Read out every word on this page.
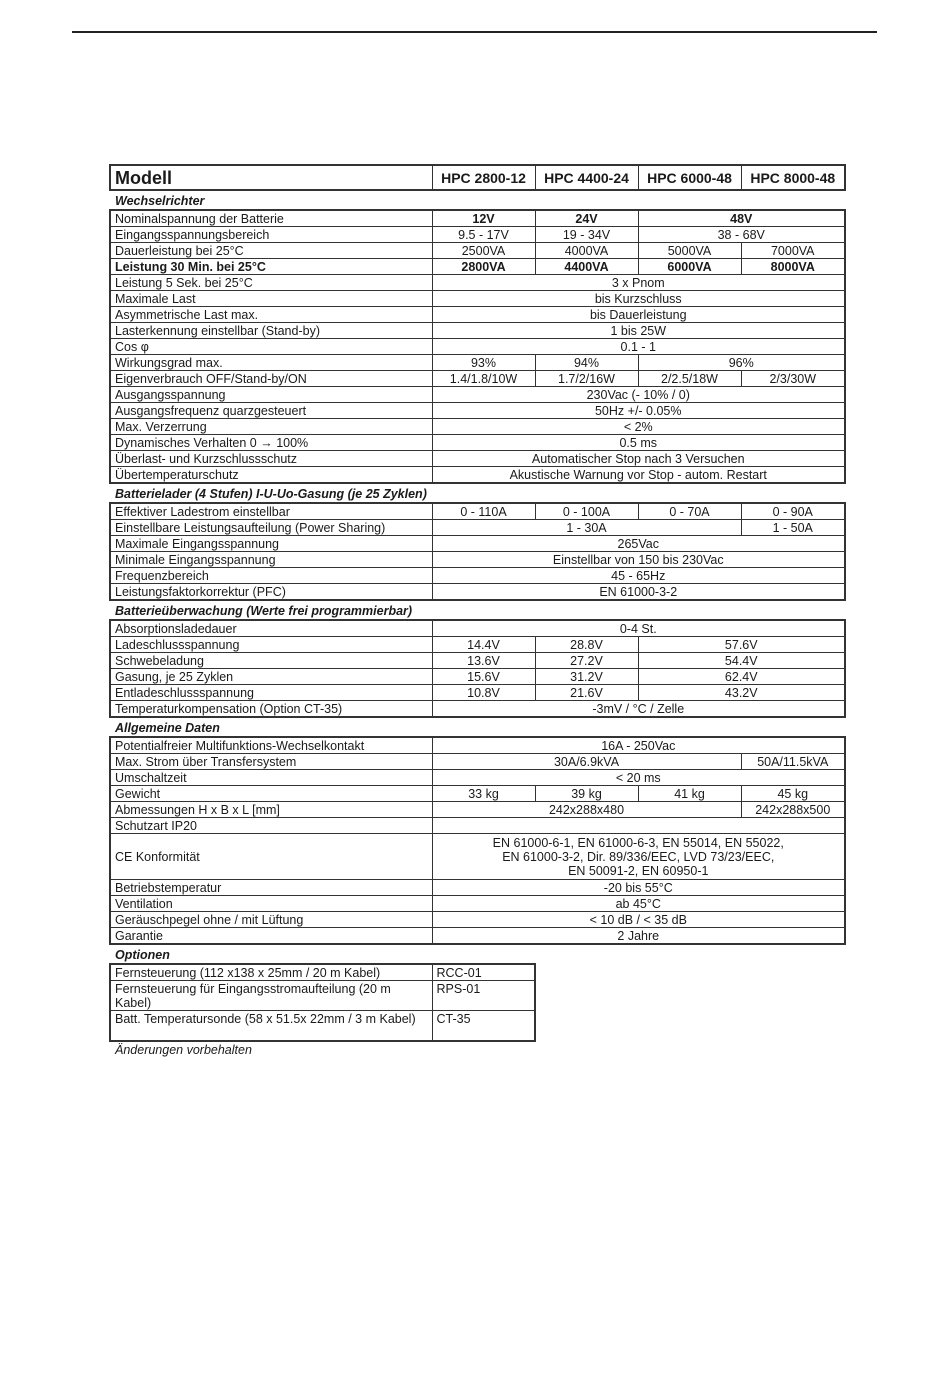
Modell	HPC 2800-12	HPC 4400-24	HPC 6000-48	HPC 8000-48
Wechselrichter
Nominalspannung der Batterie	12V	24V	48V	
Eingangsspannungsbereich	9.5 - 17V	19 - 34V	38 - 68V	
Dauerleistung bei 25°C	2500VA	4000VA	5000VA	7000VA
Leistung 30 Min. bei 25°C	2800VA	4400VA	6000VA	8000VA
Leistung 5 Sek. bei 25°C	3 x Pnom			
Maximale Last	bis Kurzschluss			
Asymmetrische Last max.	bis Dauerleistung			
Lasterkennung einstellbar (Stand-by)	1 bis 25W			
Cos φ	0.1 - 1			
Wirkungsgrad max.	93%	94%	96%	
Eigenverbrauch OFF/Stand-by/ON	1.4/1.8/10W	1.7/2/16W	2/2.5/18W	2/3/30W
Ausgangsspannung	230Vac (- 10% / 0)			
Ausgangsfrequenz quarzgesteuert	50Hz +/- 0.05%			
Max. Verzerrung	< 2%			
Dynamisches Verhalten 0 → 100%	0.5 ms			
Überlast- und Kurzschlussschutz	Automatischer Stop nach 3 Versuchen			
Übertemperaturschutz	Akustische Warnung vor Stop - autom. Restart			
Batterielader (4 Stufen) I-U-Uo-Gasung (je 25 Zyklen)
Effektiver Ladestrom einstellbar	0 - 110A	0 - 100A	0 - 70A	0 - 90A
Einstellbare Leistungsaufteilung (Power Sharing)	1 - 30A			1 - 50A
Maximale Eingangsspannung	265Vac			
Minimale Eingangsspannung	Einstellbar von 150 bis 230Vac			
Frequenzbereich	45 - 65Hz			
Leistungsfaktorkorrektur (PFC)	EN 61000-3-2			
Batterieüberwachung (Werte frei programmierbar)
Absorptionsladedauer	0-4 St.		
Ladeschlussspannung	14.4V	28.8V	57.6V
Schwebeladung	13.6V	27.2V	54.4V
Gasung, je 25 Zyklen	15.6V	31.2V	62.4V
Entladeschlussspannung	10.8V	21.6V	43.2V
Temperaturkompensation (Option CT-35)	-3mV / °C / Zelle		
Allgemeine Daten
Potentialfreier Multifunktions-Wechselkontakt	16A - 250Vac			
Max. Strom über Transfersystem	30A/6.9kVA			50A/11.5kVA
Umschaltzeit	< 20 ms			
Gewicht	33 kg	39 kg	41 kg	45 kg
Abmessungen H x B x L [mm]	242x288x480			242x288x500
Schutzart IP20				
CE Konformität	EN 61000-6-1, EN 61000-6-3, EN 55014, EN 55022,
EN 61000-3-2, Dir. 89/336/EEC, LVD 73/23/EEC,
EN 50091-2, EN 60950-1			

Betriebstemperatur	-20 bis 55°C			
Ventilation	ab 45°C			
Geräuschpegel ohne / mit Lüftung	< 10 dB / < 35 dB			
Garantie	2 Jahre			
Optionen
Fernsteuerung (112 x138 x 25mm / 20 m Kabel)	RCC-01
Fernsteuerung für Eingangsstromaufteilung (20 m Kabel)	RPS-01
Batt. Temperatursonde (58 x 51.5x 22mm / 3 m Kabel)	CT-35
Änderungen vorbehalten
